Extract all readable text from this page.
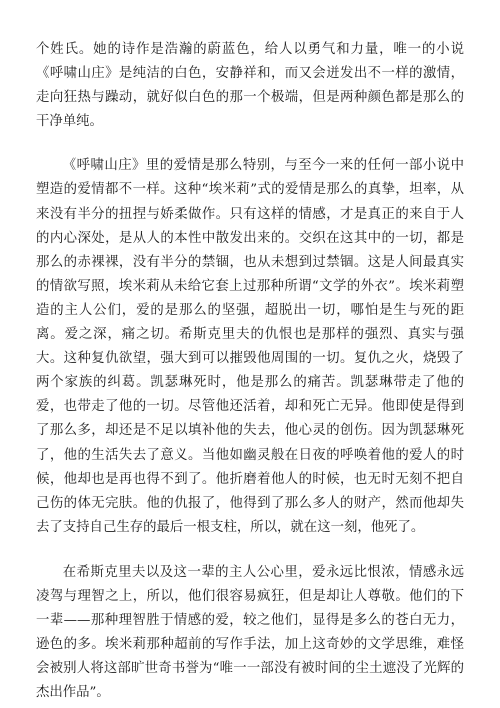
个姓氏。她的诗作是浩瀚的蔚蓝色，给人以勇气和力量，唯一的小说《呼啸山庄》是纯洁的白色，安静祥和，而又会迸发出不一样的激情，走向狂热与躁动，就好似白色的那一个极端，但是两种颜色都是那么的干净单纯。

《呼啸山庄》里的爱情是那么特别，与至今一来的任何一部小说中塑造的爱情都不一样。这种“埃米莉”式的爱情是那么的真挚，坦率，从来没有半分的扭捏与娇柔做作。只有这样的情感，才是真正的来自于人的内心深处，是从人的本性中散发出来的。交织在这其中的一切，都是那么的赤裸裸，没有半分的禁锢，也从未想到过禁锢。这是人间最真实的情欲写照，埃米莉从未给它套上过那种所谓“文学的外衣”。埃米莉塑造的主人公们，爱的是那么的坚强，超脱出一切，哪怕是生与死的距离。爱之深，痛之切。希斯克里夫的仇恨也是那样的强烈、真实与强大。这种复仇欲望，强大到可以摧毁他周围的一切。复仇之火，烧毁了两个家族的纠葛。凯瑟琳死时，他是那么的痛苦。凯瑟琳带走了他的爱，也带走了他的一切。尽管他还活着，却和死亡无异。他即使是得到了那么多，却还是不足以填补他的失去，他心灵的创伤。因为凯瑟琳死了，他的生活失去了意义。当他如幽灵般在日夜的呼唤着他的爱人的时候，他却也是再也得不到了。他折磨着他人的时候，也无时无刻不把自己伤的体无完肤。他的仇报了，他得到了那么多人的财产，然而他却失去了支持自己生存的最后一根支柱，所以，就在这一刻，他死了。

在希斯克里夫以及这一辈的主人公心里，爱永远比恨浓，情感永远凌驾与理智之上，所以，他们很容易疯狂，但是却让人尊敬。他们的下一辈——那种理智胜于情感的爱，较之他们，显得是多么的苍白无力，逊色的多。埃米莉那种超前的写作手法，加上这奇妙的文学思维，难怪会被别人将这部旷世奇书誉为“唯一一部没有被时间的尘土遮没了光辉的杰出作品”。
